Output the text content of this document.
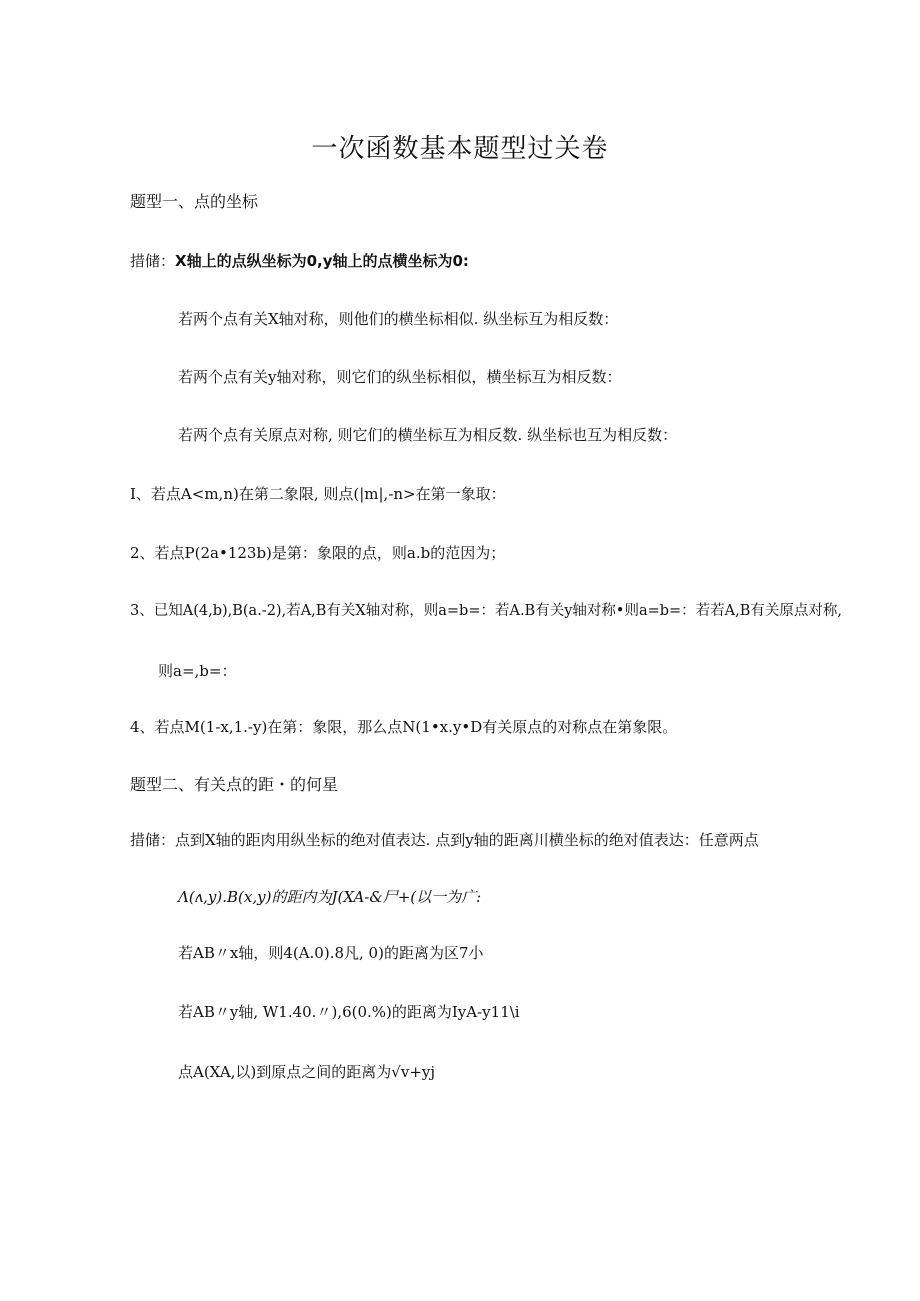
一次函数基本题型过关卷
题型一、点的坐标
措储：X轴上的点纵坐标为0,y轴上的点横坐标为0:
若两个点有关X轴对称，则他们的横坐标相似. 纵坐标互为相反数：
若两个点有关y轴对称，则它们的纵坐标相似，横坐标互为相反数：
若两个点有关原点对称, 则它们的横坐标互为相反数. 纵坐标也互为相反数：
I、若点A<m,n)在第二象限, 则点(|m|,-n>在第一象取：
2、若点P(2a•123b)是第：象限的点，则a.b的范因为；
3、已知A(4,b),B(a.-2),若A,B有关X轴对称，则a=b=：若A.B有关y轴对称•则a=b=：若若A,B有关原点对称,
则a=,b=：
4、若点M(1-x,1.-y)在第：象限，那么点N(1•x.y•D有关原点的对称点在第象限。
题型二、有关点的距・的何星
措储：点到X轴的距肉用纵坐标的绝对值表达. 点到y轴的距离川横坐标的绝对值表达：任意两点
Λ(ʌ,y).B(x,y)的距内为J(XA-&尸+(以一为广:
若AB〃x轴，则4(A.0).8凡, 0)的距离为区7小
若AB〃y轴, W1.40.〃),6(0.%)的距离为IyA-y11\i
点A(XA,以)到原点之间的距离为√v+yj
